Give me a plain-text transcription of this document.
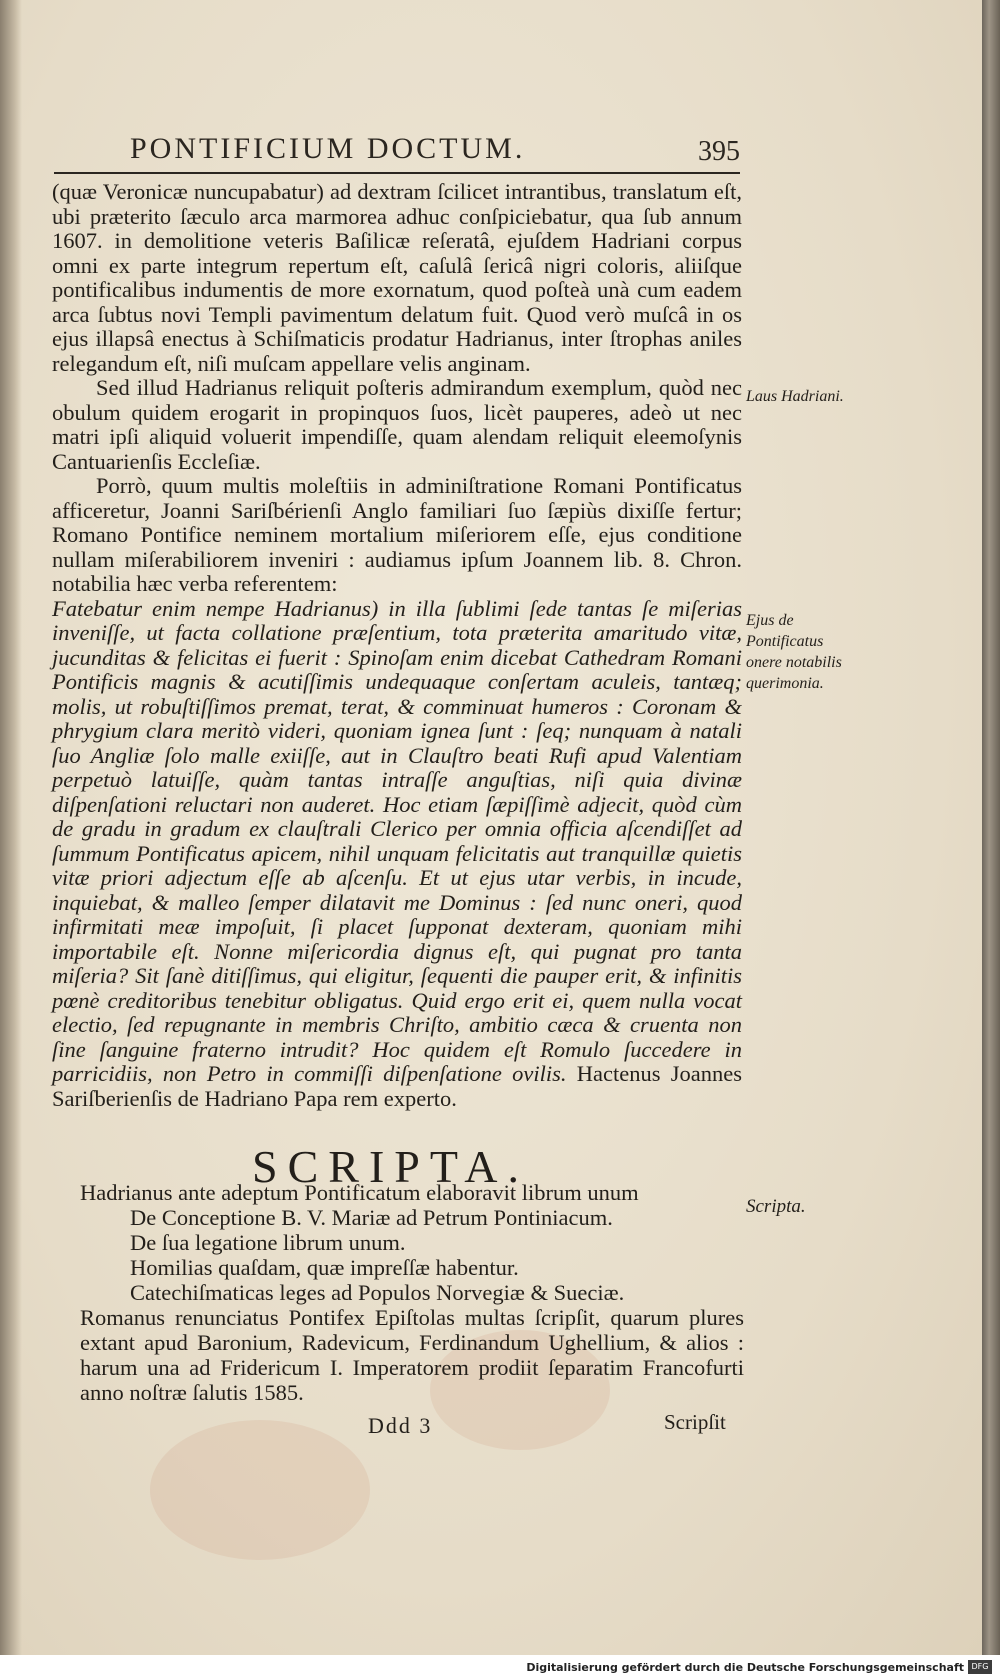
PONTIFICIUM DOCTUM.	395

(quæ Veronicæ nuncupabatur) ad dextram ſcilicet intrantibus, translatum eſt, ubi præterito ſæculo arca marmorea adhuc conſpiciebatur, qua ſub annum 1607. in demolitione veteris Baſilicæ reſeratâ, ejuſdem Hadriani corpus omni ex parte integrum repertum eſt, caſulâ ſericâ nigri coloris, aliiſque pontificalibus indumentis de more exornatum, quod poſteà unà cum eadem arca ſubtus novi Templi pavimentum delatum fuit. Quod verò muſcâ in os ejus illapsâ enectus à Schiſmaticis prodatur Hadrianus, inter ſtrophas aniles relegandum eſt, niſi muſcam appellare velis anginam.

Sed illud Hadrianus reliquit poſteris admirandum exemplum, quòd nec obulum quidem erogarit in propinquos ſuos, licèt pauperes, adeò ut nec matri ipſi aliquid voluerit impendiſſe, quam alendam reliquit eleemoſynis Cantuarienſis Eccleſiæ.

Porrò, quum multis moleſtiis in adminiſtratione Romani Pontificatus afficeretur, Joanni Sariſbérienſi Anglo familiari ſuo ſæpiùs dixiſſe fertur; Romano Pontifice neminem mortalium miſeriorem eſſe, ejus conditione nullam miſerabiliorem inveniri : audiamus ipſum Joannem lib. 8. Chron. notabilia hæc verba referentem:

Fatebatur enim nempe Hadrianus) in illa ſublimi ſede tantas ſe miſerias inveniſſe, ut facta collatione præſentium, tota præterita amaritudo vitæ, jucunditas & felicitas ei fuerit : Spinoſam enim dicebat Cathedram Romani Pontificis magnis & acutiſſimis undequaque conſertam aculeis, tantæq; molis, ut robuſtiſſimos premat, terat, & comminuat humeros : Coronam & phrygium clara meritò videri, quoniam ignea ſunt : ſeq; nunquam à natali ſuo Angliæ ſolo malle exiiſſe, aut in Clauſtro beati Rufi apud Valentiam perpetuò latuiſſe, quàm tantas intraſſe anguſtias, niſi quia divinæ diſpenſationi reluctari non auderet. Hoc etiam ſæpiſſimè adjecit, quòd cùm de gradu in gradum ex clauſtrali Clerico per omnia officia aſcendiſſet ad ſummum Pontificatus apicem, nihil unquam felicitatis aut tranquillæ quietis vitæ priori adjectum eſſe ab aſcenſu. Et ut ejus utar verbis, in incude, inquiebat, & malleo ſemper dilatavit me Dominus : ſed nunc oneri, quod infirmitati meæ impoſuit, ſi placet ſupponat dexteram, quoniam mihi importabile eſt. Nonne miſericordia dignus eſt, qui pugnat pro tanta miſeria? Sit ſanè ditiſſimus, qui eligitur, ſequenti die pauper erit, & infinitis pœnè creditoribus tenebitur obligatus. Quid ergo erit ei, quem nulla vocat electio, ſed repugnante in membris Chriſto, ambitio cæca & cruenta non ſine ſanguine fraterno intrudit? Hoc quidem eſt Romulo ſuccedere in parricidiis, non Petro in commiſſi diſpenſatione ovilis. Hactenus Joannes Sariſberienſis de Hadriano Papa rem experto.

SCRIPTA.
Hadrianus ante adeptum Pontificatum elaboravit librum unum
De Conceptione B. V. Mariæ ad Petrum Pontiniacum.
De ſua legatione librum unum.
Homilias quaſdam, quæ impreſſæ habentur.
Catechiſmaticas leges ad Populos Norvegiæ & Sueciæ.
Romanus renunciatus Pontifex Epiſtolas multas ſcripſit, quarum plures extant apud Baronium, Radevicum, Ferdinandum Ughellium, & alios : harum una ad Fridericum I. Imperatorem prodiit ſeparatim Francofurti anno noſtræ ſalutis 1585.
Ddd 3	Scripſit
Laus Hadriani.
Ejus de Pontificatus onere notabilis querimonia.
Scripta.
Digitalisierung gefördert durch die Deutsche Forschungsgemeinschaft DFG
